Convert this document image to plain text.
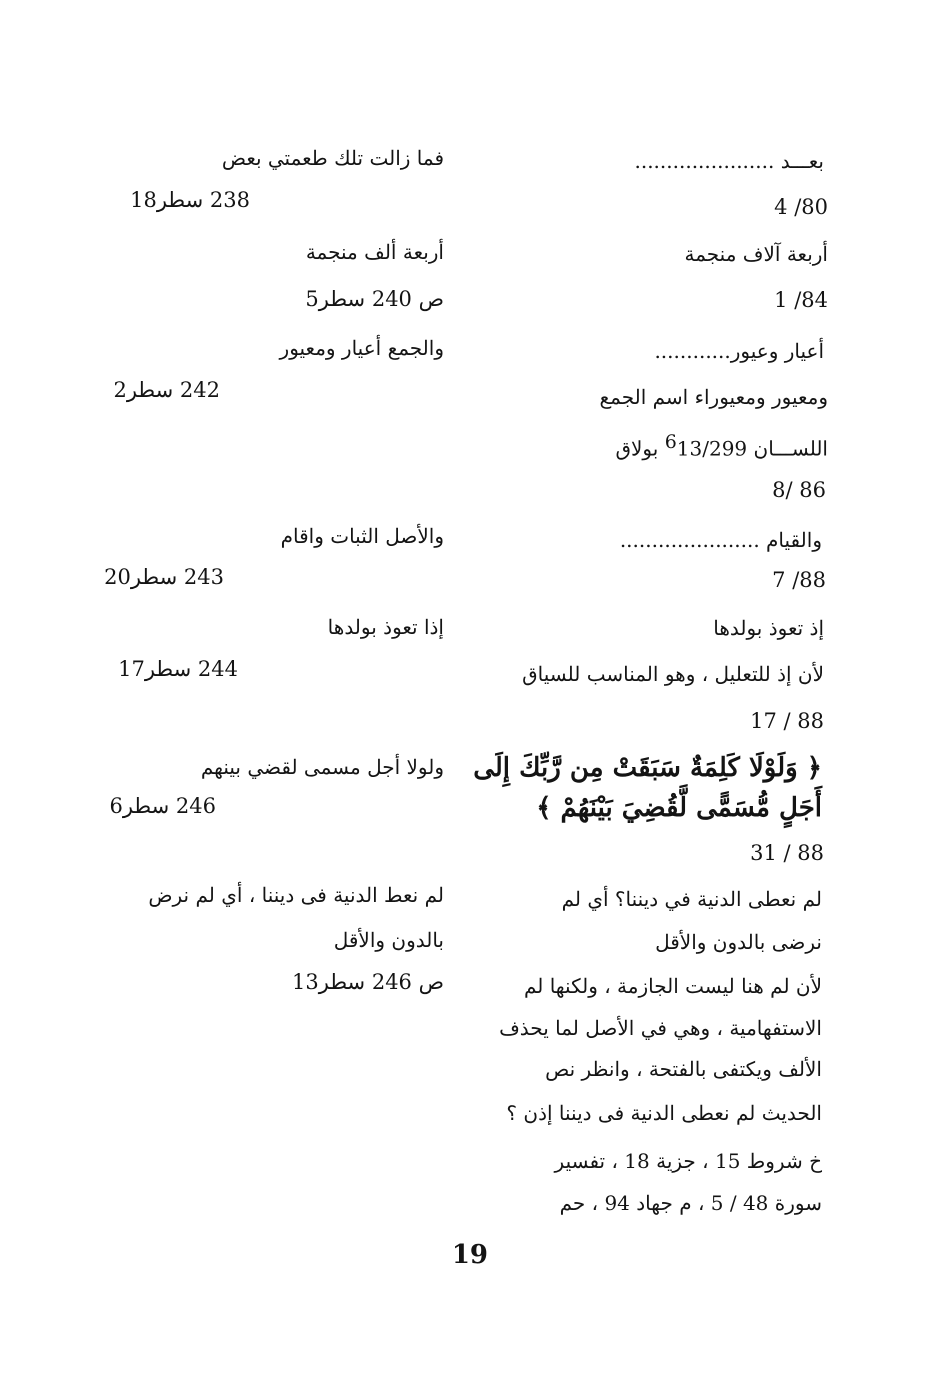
بعـــد ......................
4 /80
أربعة آلاف منجمة
1 /84
أعيار وعيور............
ومعيور ومعيوراء اسم الجمع
اللســـان $^6$13/299 بولاق
8/ 86
والقيام ......................
7 /88
إذ تعوذ بولدها
لأن إذ للتعليل ، وهو المناسب للسياق
17 / 88
﴿ وَلَوْلَا كَلِمَةٌ سَبَقَتْ مِن رَّبِّكَ إِلَى
أَجَلٍ مُّسَمًّى لَّقُضِيَ بَيْنَهُمْ ﴾
31 / 88
لم نعطى الدنية في ديننا؟ أي لم
نرضى بالدون والأقل
لأن لم هنا ليست الجازمة ، ولكنها لم
الاستفهامية ، وهي في الأصل لما يحذف
الألف ويكتفى بالفتحة ، وانظر نص
الحديث لم نعطى الدنية فى ديننا إذن ؟
خ شروط 15 ، جزية 18 ، تفسير
سورة 48 / 5 ، م جهاد 94 ، حم
فما زالت تلك طعمتي بعض
238 سطر18
أربعة ألف منجمة
ص 240 سطر5
والجمع أعيار ومعيور
242 سطر2
والأصل الثبات واقام
243 سطر20
إذا تعوذ بولدها
244 سطر17
ولولا أجل مسمى لقضي بينهم
246 سطر6
لم نعط الدنية فى ديننا ، أي لم نرض
بالدون والأقل
ص 246 سطر13
19
